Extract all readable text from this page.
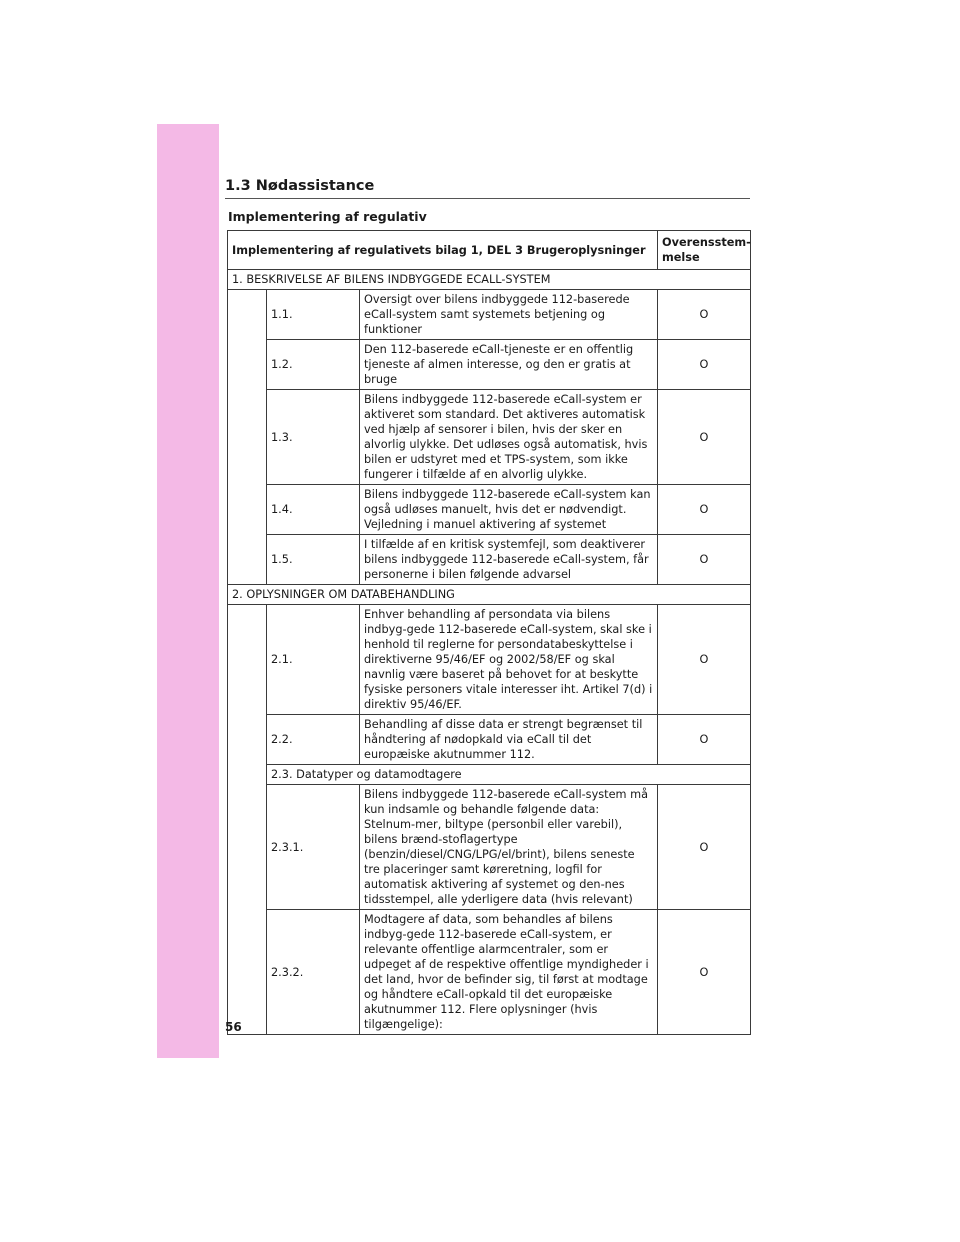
1.3 Nødassistance
Implementering af regulativ
Implementering af regulativets bilag 1, DEL 3 Brugeroplysninger			Overensstem-melse
1. BESKRIVELSE AF BILENS INDBYGGEDE ECALL-SYSTEM			
	1.1.	Oversigt over bilens indbyggede 112-baserede eCall-system samt systemets betjening og funktioner	O
	1.2.	Den 112-baserede eCall-tjeneste er en offentlig tjeneste af almen interesse, og den er gratis at bruge	O
	1.3.	Bilens indbyggede 112-baserede eCall-system er aktiveret som standard. Det aktiveres automatisk ved hjælp af sensorer i bilen, hvis der sker en alvorlig ulykke. Det udløses også automatisk, hvis bilen er udstyret med et TPS-system, som ikke fungerer i tilfælde af en alvorlig ulykke.	O
	1.4.	Bilens indbyggede 112-baserede eCall-system kan også udløses manuelt, hvis det er nødvendigt. Vejledning i manuel aktivering af systemet	O
	1.5.	I tilfælde af en kritisk systemfejl, som deaktiverer bilens indbyggede 112-baserede eCall-system, får personerne i bilen følgende advarsel	O
2. OPLYSNINGER OM DATABEHANDLING			
	2.1.	Enhver behandling af persondata via bilens indbyg-gede 112-baserede eCall-system, skal ske i henhold til reglerne for persondatabeskyttelse i direktiverne 95/46/EF og 2002/58/EF og skal navnlig være baseret på behovet for at beskytte fysiske personers vitale interesser iht. Artikel 7(d) i direktiv 95/46/EF.	O
	2.2.	Behandling af disse data er strengt begrænset til håndtering af nødopkald via eCall til det europæiske akutnummer 112.	O
	2.3. Datatyper og datamodtagere		
	2.3.1.	Bilens indbyggede 112-baserede eCall-system må kun indsamle og behandle følgende data: Stelnum-mer, biltype (personbil eller varebil), bilens brænd-stoflagertype (benzin/diesel/CNG/LPG/el/brint), bilens seneste tre placeringer samt køreretning, logfil for automatisk aktivering af systemet og den-nes tidsstempel, alle yderligere data (hvis relevant)	O
	2.3.2.	Modtagere af data, som behandles af bilens indbyg-gede 112-baserede eCall-system, er relevante offentlige alarmcentraler, som er udpeget af de respektive offentlige myndigheder i det land, hvor de befinder sig, til først at modtage og håndtere eCall-opkald til det europæiske akutnummer 112. Flere oplysninger (hvis tilgængelige):	O
56
